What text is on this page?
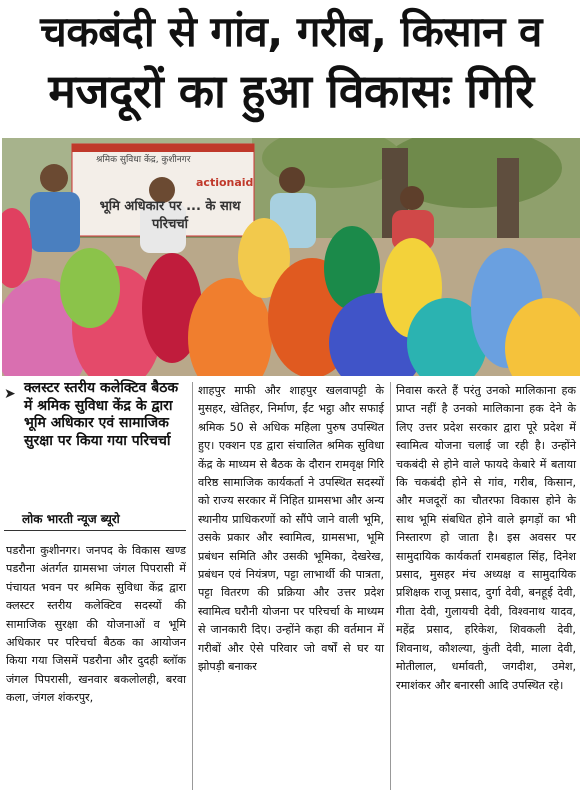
चकबंदी से गांव, गरीब, किसान व
मजदूरों का हुआ विकासः गिरि
श्रमिक सुविधा केंद्र, कुशीनगर
actionaid
भूमि अधिकार पर ... के साथ परिचर्चा
➤ क्लस्टर स्तरीय कलेक्टिव बैठक में श्रमिक सुविधा केंद्र के द्वारा भूमि अधिकार एवं सामाजिक सुरक्षा पर किया गया परिचर्चा
लोक भारती न्यूज ब्यूरो

पडरौना कुशीनगर। जनपद के विकास खण्ड पडरौना अंतर्गत ग्रामसभा जंगल पिपरासी में पंचायत भवन पर श्रमिक सुविधा केंद्र द्वारा क्लस्टर स्तरीय कलेक्टिव सदस्यों की सामाजिक सुरक्षा की योजनाओं व भूमि अधिकार पर परिचर्चा बैठक का आयोजन किया गया जिसमें पडरौना और दुदही ब्लॉक जंगल पिपरासी, खनवार बकलोलही, बरवा कला, जंगल शंकरपुर,

शाहपुर माफी और शाहपुर खलवापट्टी के मुसहर, खेतिहर, निर्माण, ईंट भट्ठा और सफाई श्रमिक 50 से अधिक महिला पुरुष उपस्थित हुए। एक्शन एड द्वारा संचालित श्रमिक सुविधा केंद्र के माध्यम से बैठक के दौरान रामवृक्ष गिरि वरिष्ठ सामाजिक कार्यकर्ता ने उपस्थित सदस्यों को राज्य सरकार में निहित ग्रामसभा और अन्य स्थानीय प्राधिकरणों को सौंपे जाने वाली भूमि, उसके प्रकार और स्वामित्व, ग्रामसभा, भूमि प्रबंधन समिति और उसकी भूमिका, देखरेख, प्रबंधन एवं नियंत्रण, पट्टा लाभार्थी की पात्रता, पट्टा वितरण की प्रक्रिया और उत्तर प्रदेश स्वामित्व घरौनी योजना पर परिचर्चा के माध्यम से जानकारी दिए। उन्होंने कहा की वर्तमान में गरीबों और ऐसे परिवार जो वर्षों से घर या झोपड़ी बनाकर

निवास करते हैं परंतु उनको मालिकाना हक प्राप्त नहीं है उनको मालिकाना हक देने के लिए उत्तर प्रदेश सरकार द्वारा पूरे प्रदेश में स्वामित्व योजना चलाई जा रही है। उन्होंने चकबंदी से होने वाले फायदे केबारे में बताया कि चकबंदी होने से गांव, गरीब, किसान, और मजदूरों का चौतरफा विकास होने के साथ भूमि संबधित होने वाले झगड़ों का भी निस्तारण हो जाता है। इस अवसर पर सामुदायिक कार्यकर्ता रामबहाल सिंह, दिनेश प्रसाद, मुसहर मंच अध्यक्ष व सामुदायिक प्रशिक्षक राजू प्रसाद, दुर्गा देवी, बनहूई देवी, गीता देवी, गुलायची देवी, विश्वनाथ यादव, महेंद्र प्रसाद, हरिकेश, शिवकली देवी, शिवनाथ, कौशल्या, कुंती देवी, माला देवी, मोतीलाल, धर्मावती, जगदीश, उमेश, रमाशंकर और बनारसी आदि उपस्थित रहे।
